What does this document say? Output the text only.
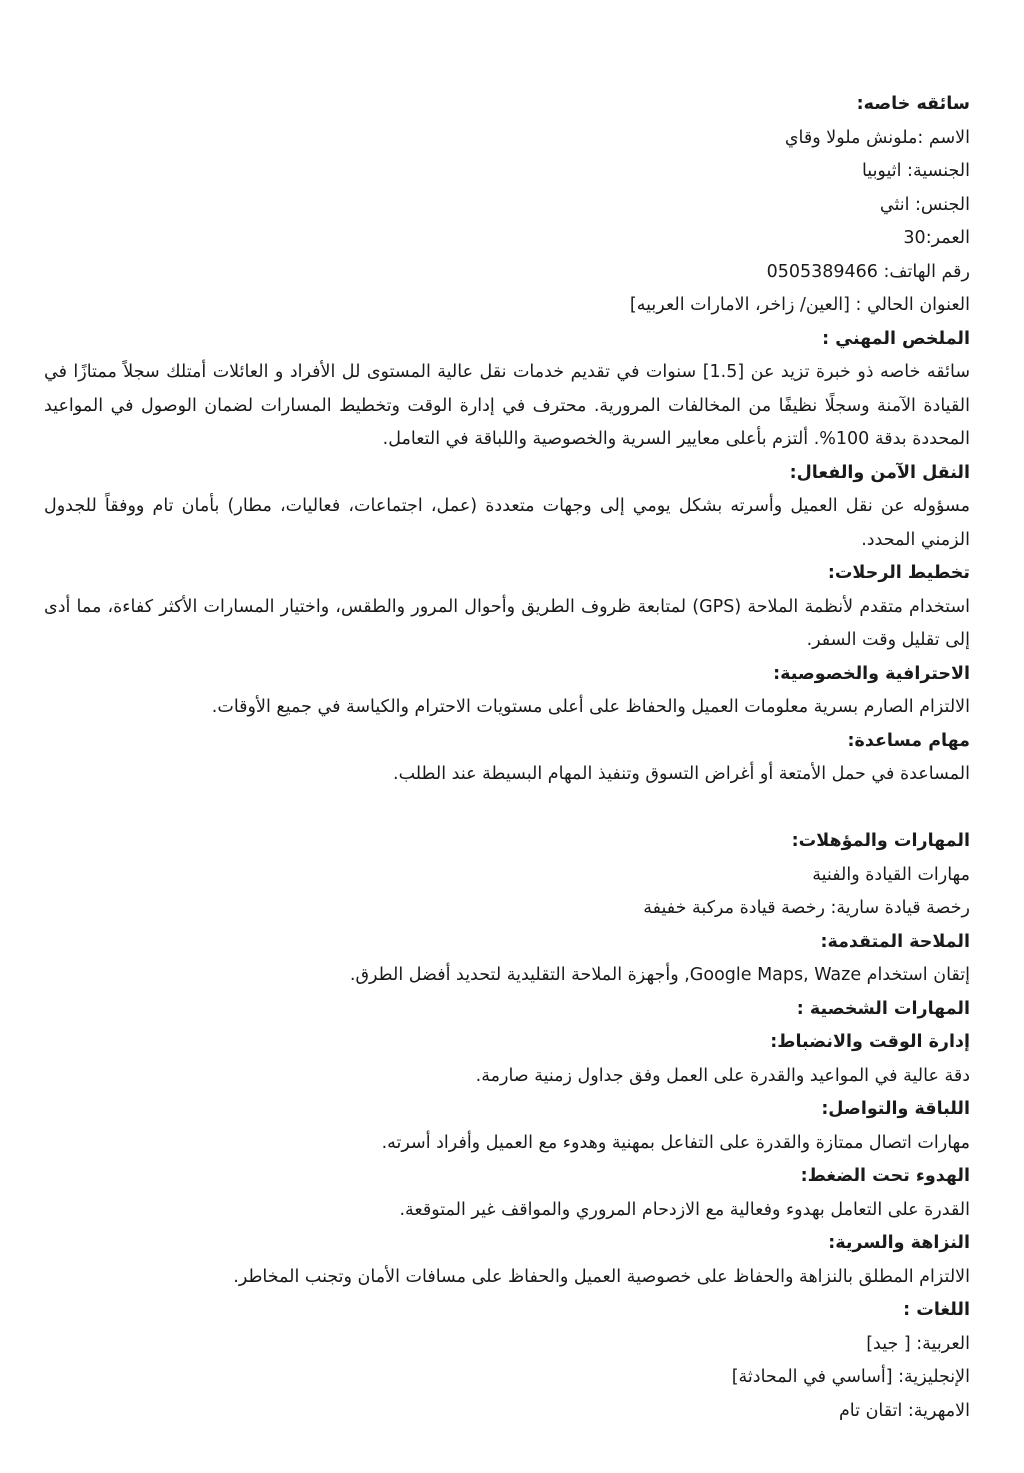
سائقه خاصه:

الاسم :ملونش ملولا وقاي

الجنسية: اثيوبيا

الجنس: انثي

العمر:30

رقم الهاتف: 0505389466

العنوان الحالي : [العين/ زاخر، الامارات العربيه]

الملخص المهني :

سائقه خاصه ذو خبرة تزيد عن [1.5] سنوات في تقديم خدمات نقل عالية المستوى لل الأفراد و العائلات أمتلك سجلاً ممتازًا في القيادة الآمنة وسجلًا نظيفًا من المخالفات المرورية. محترف في إدارة الوقت وتخطيط المسارات لضمان الوصول في المواعيد المحددة بدقة 100%. ألتزم بأعلى معايير السرية والخصوصية واللباقة في التعامل.

النقل الآمن والفعال:

مسؤوله عن نقل العميل وأسرته بشكل يومي إلى وجهات متعددة (عمل، اجتماعات، فعاليات، مطار) بأمان تام ووفقاً للجدول الزمني المحدد.

تخطيط الرحلات:

استخدام متقدم لأنظمة الملاحة (GPS) لمتابعة ظروف الطريق وأحوال المرور والطقس، واختيار المسارات الأكثر كفاءة، مما أدى إلى تقليل وقت السفر.

الاحترافية والخصوصية:

الالتزام الصارم بسرية معلومات العميل والحفاظ على أعلى مستويات الاحترام والكياسة في جميع الأوقات.

مهام مساعدة:

المساعدة في حمل الأمتعة أو أغراض التسوق وتنفيذ المهام البسيطة عند الطلب.

المهارات والمؤهلات:

مهارات القيادة والفنية

رخصة قيادة سارية: رخصة قيادة مركبة خفيفة

الملاحة المتقدمة:

إتقان استخدام Google Maps, Waze, وأجهزة الملاحة التقليدية لتحديد أفضل الطرق.

المهارات الشخصية :

إدارة الوقت والانضباط:

دقة عالية في المواعيد والقدرة على العمل وفق جداول زمنية صارمة.

اللباقة والتواصل:

مهارات اتصال ممتازة والقدرة على التفاعل بمهنية وهدوء مع العميل وأفراد أسرته.

الهدوء تحت الضغط:

القدرة على التعامل بهدوء وفعالية مع الازدحام المروري والمواقف غير المتوقعة.

النزاهة والسرية:

الالتزام المطلق بالنزاهة والحفاظ على خصوصية العميل والحفاظ على مسافات الأمان وتجنب المخاطر.

اللغات :

العربية: [ جيد]

الإنجليزية: [أساسي في المحادثة]

الامهرية: اتقان تام
